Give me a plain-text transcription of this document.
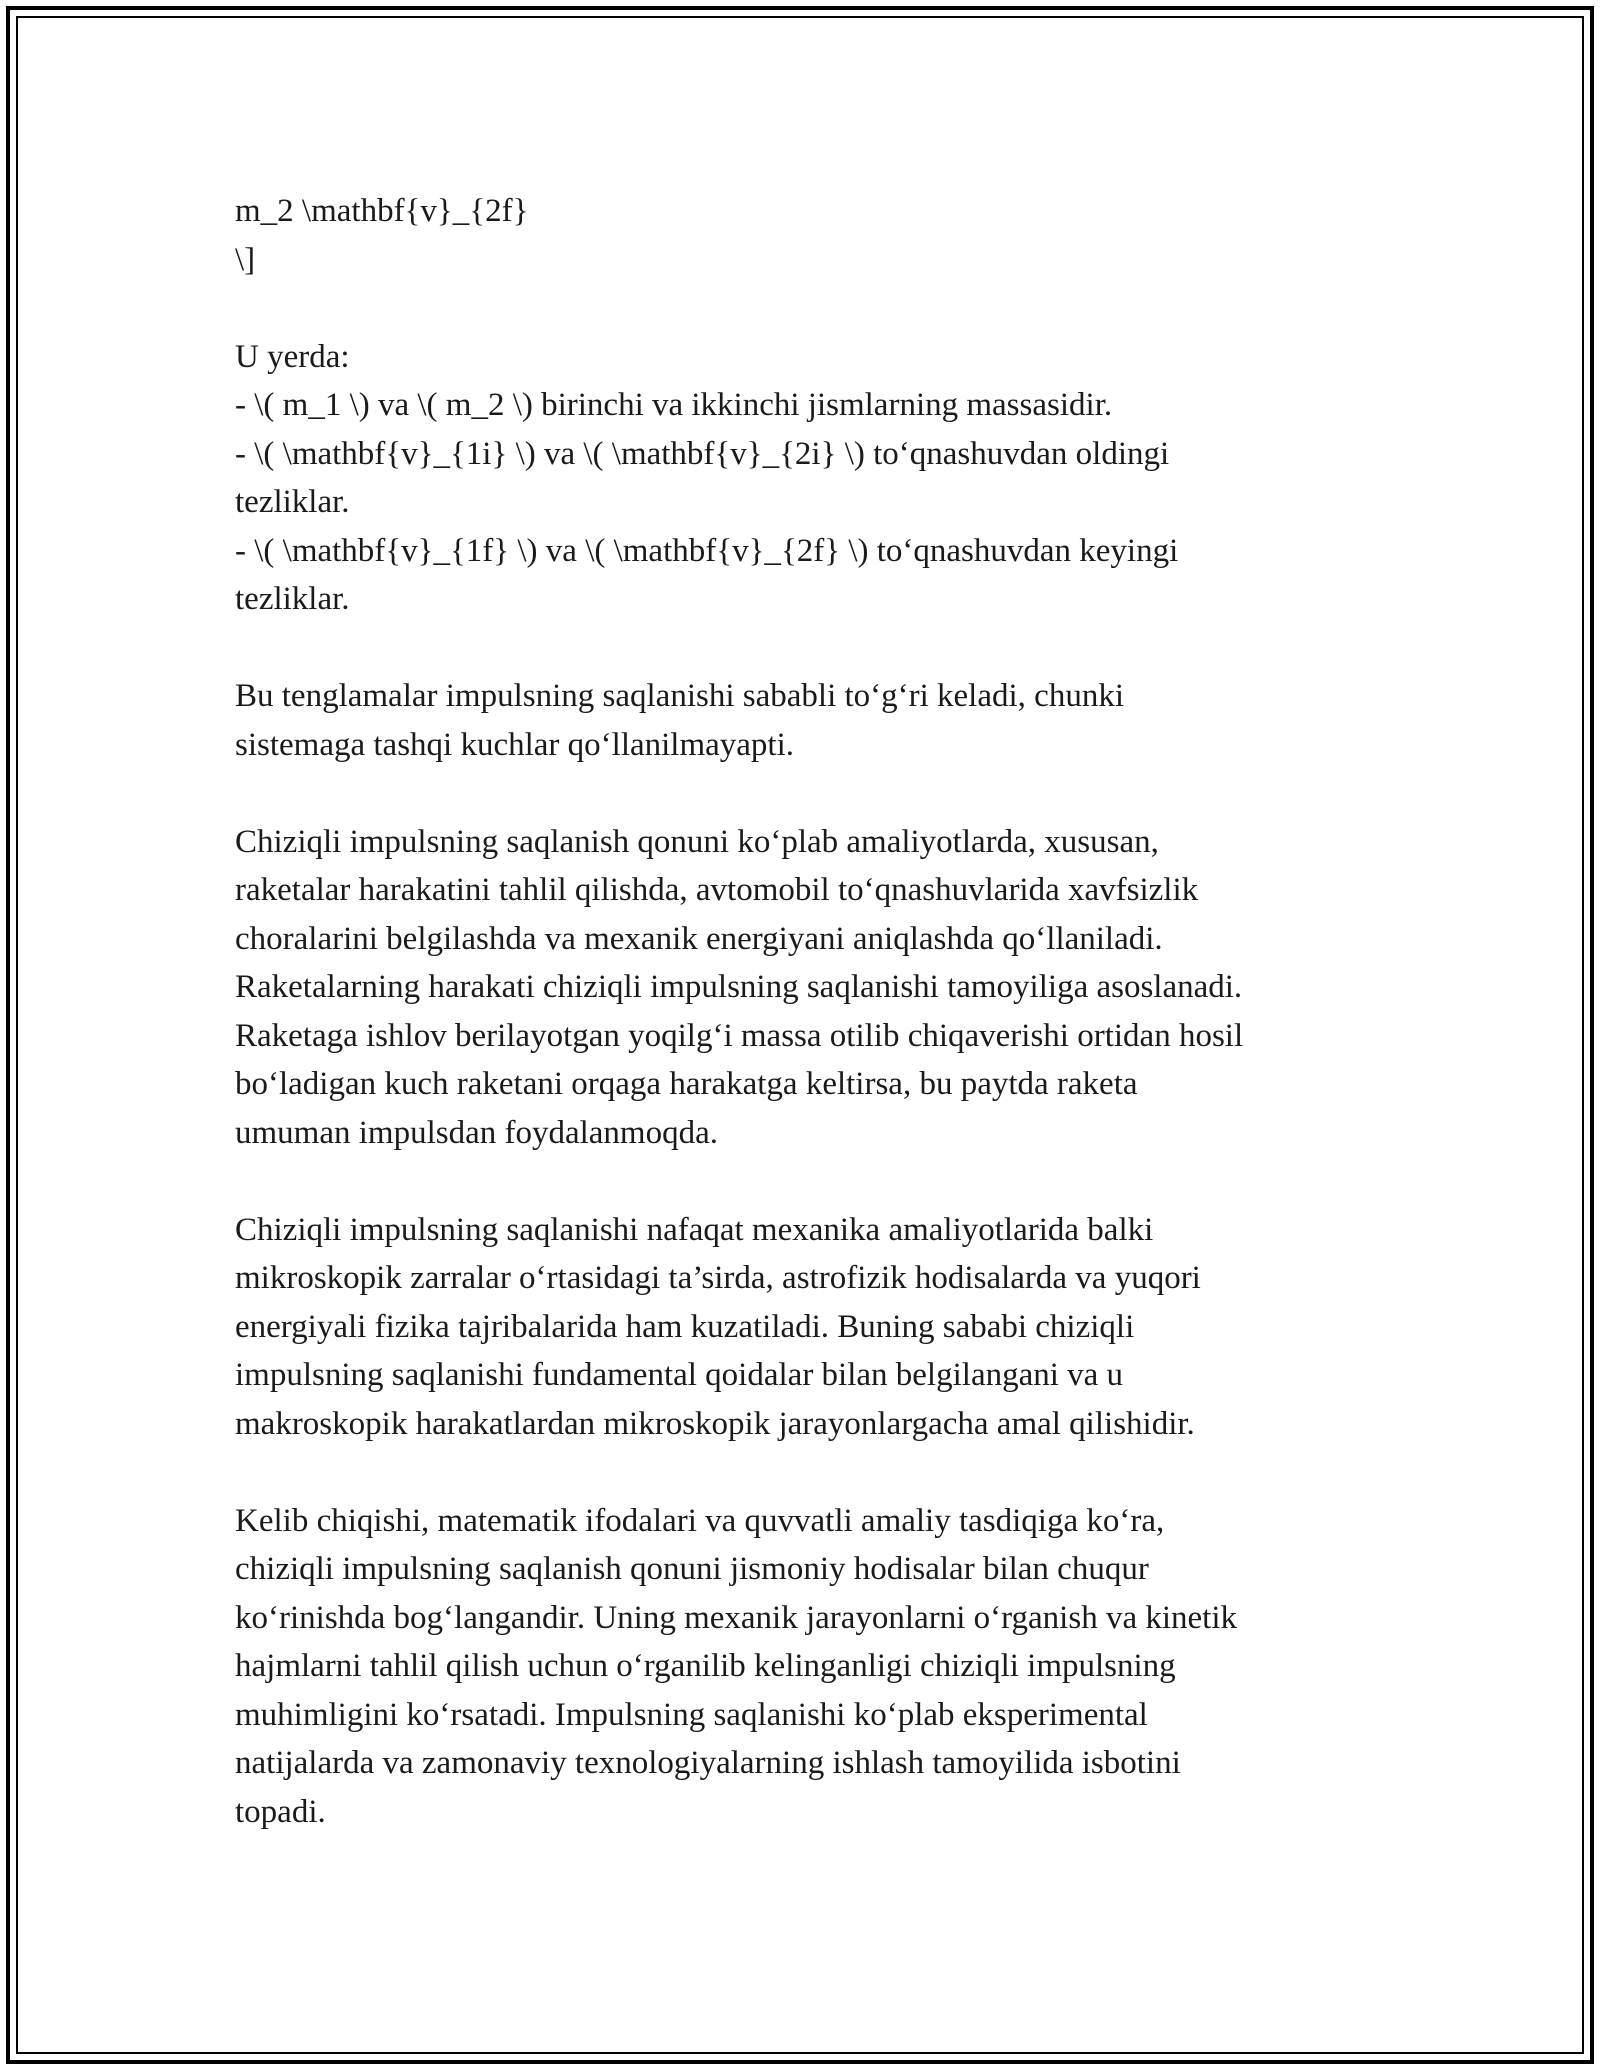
m_2 \mathbf{v}_{2f}
\]
U yerda:
- \( m_1 \) va \( m_2 \) birinchi va ikkinchi jismlarning massasidir.
- \( \mathbf{v}_{1i} \) va \( \mathbf{v}_{2i} \) to‘qnashuvdan oldingi
tezliklar.
- \( \mathbf{v}_{1f} \) va \( \mathbf{v}_{2f} \) to‘qnashuvdan keyingi
tezliklar.
Bu tenglamalar impulsning saqlanishi sababli to‘g‘ri keladi, chunki
sistemaga tashqi kuchlar qo‘llanilmayapti.
Chiziqli impulsning saqlanish qonuni ko‘plab amaliyotlarda, xususan,
raketalar harakatini tahlil qilishda, avtomobil to‘qnashuvlarida xavfsizlik
choralarini belgilashda va mexanik energiyani aniqlashda qo‘llaniladi.
Raketalarning harakati chiziqli impulsning saqlanishi tamoyiliga asoslanadi.
Raketaga ishlov berilayotgan yoqilg‘i massa otilib chiqaverishi ortidan hosil
bo‘ladigan kuch raketani orqaga harakatga keltirsa, bu paytda raketa
umuman impulsdan foydalanmoqda.
Chiziqli impulsning saqlanishi nafaqat mexanika amaliyotlarida balki
mikroskopik zarralar o‘rtasidagi ta’sirda, astrofizik hodisalarda va yuqori
energiyali fizika tajribalarida ham kuzatiladi. Buning sababi chiziqli
impulsning saqlanishi fundamental qoidalar bilan belgilangani va u
makroskopik harakatlardan mikroskopik jarayonlargacha amal qilishidir.
Kelib chiqishi, matematik ifodalari va quvvatli amaliy tasdiqiga ko‘ra,
chiziqli impulsning saqlanish qonuni jismoniy hodisalar bilan chuqur
ko‘rinishda bog‘langandir. Uning mexanik jarayonlarni o‘rganish va kinetik
hajmlarni tahlil qilish uchun o‘rganilib kelinganligi chiziqli impulsning
muhimligini ko‘rsatadi. Impulsning saqlanishi ko‘plab eksperimental
natijalarda va zamonaviy texnologiyalarning ishlash tamoyilida isbotini
topadi.
